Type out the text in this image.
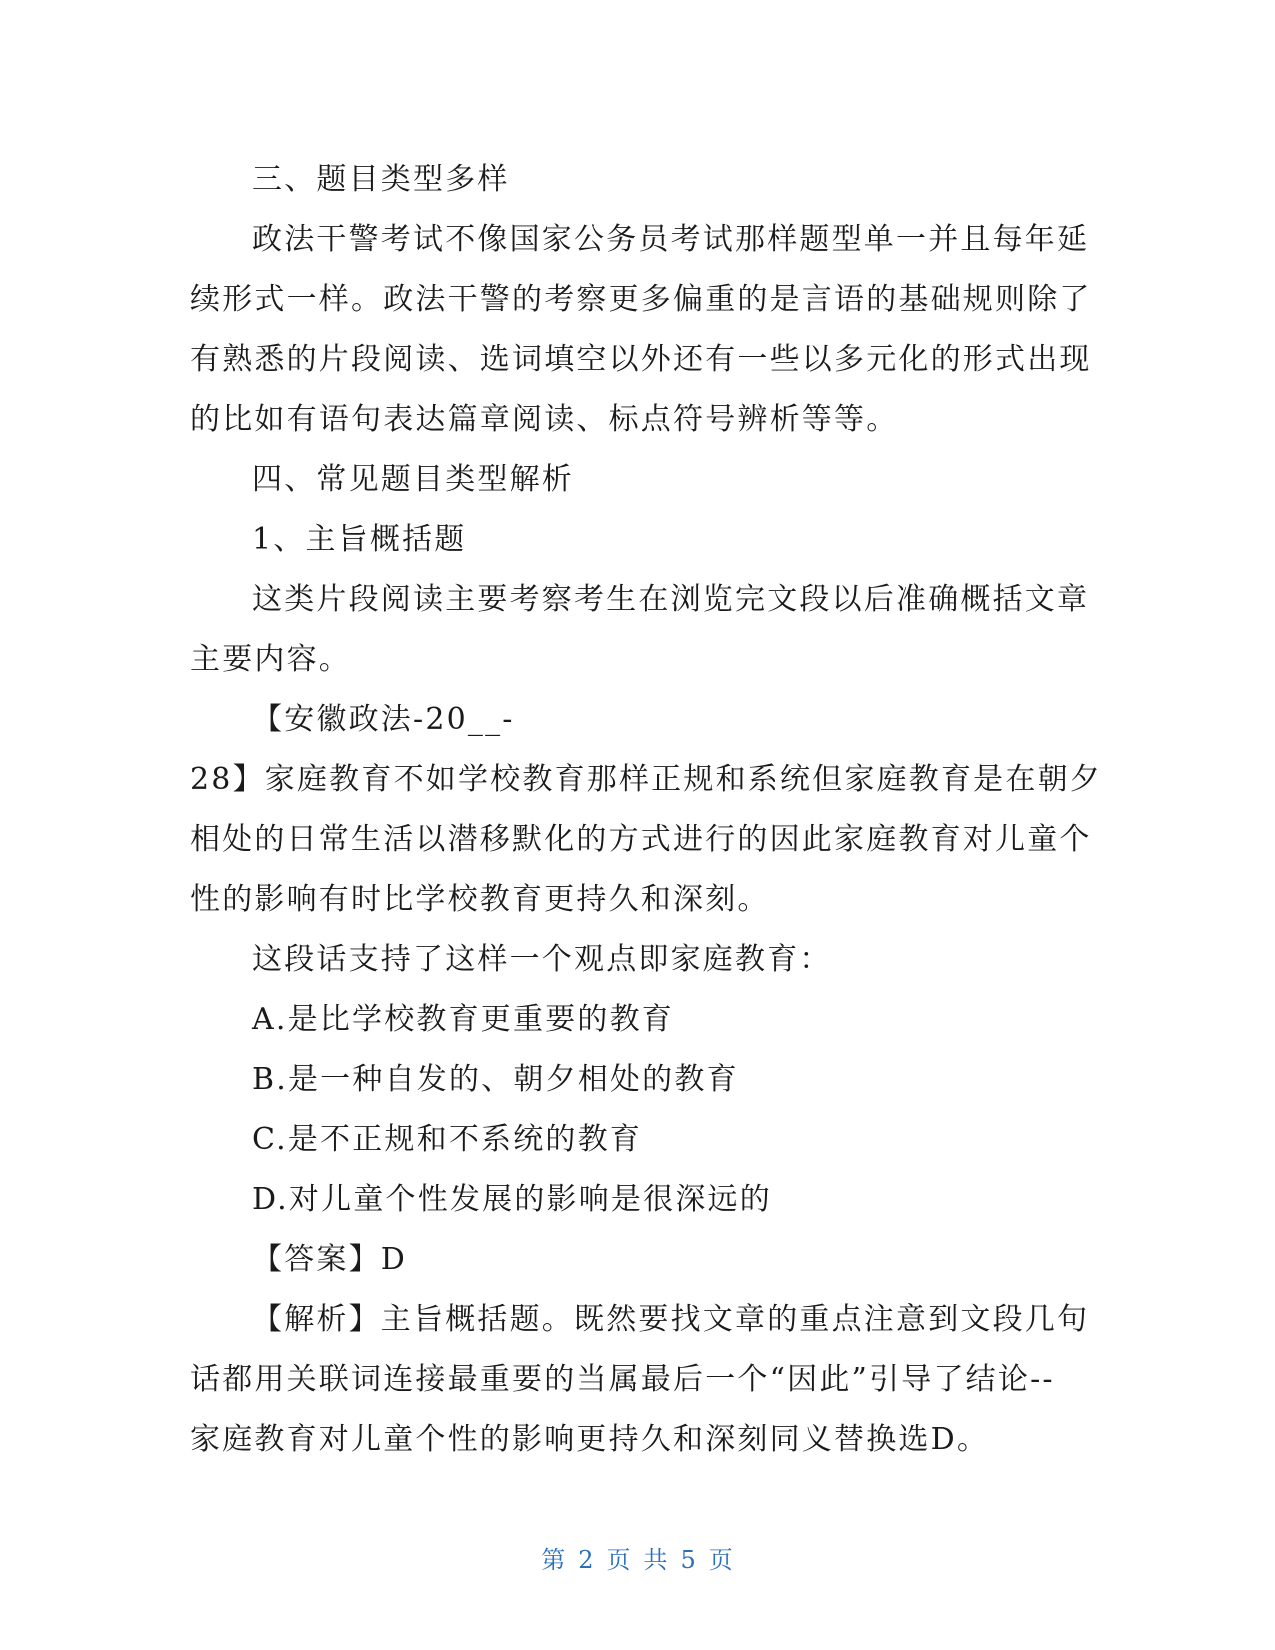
三、题目类型多样

政法干警考试不像国家公务员考试那样题型单一并且每年延

续形式一样。政法干警的考察更多偏重的是言语的基础规则除了

有熟悉的片段阅读、选词填空以外还有一些以多元化的形式出现

的比如有语句表达篇章阅读、标点符号辨析等等。

四、常见题目类型解析

1、主旨概括题

这类片段阅读主要考察考生在浏览完文段以后准确概括文章

主要内容。

【安徽政法-20__-

28】家庭教育不如学校教育那样正规和系统但家庭教育是在朝夕

相处的日常生活以潜移默化的方式进行的因此家庭教育对儿童个

性的影响有时比学校教育更持久和深刻。

这段话支持了这样一个观点即家庭教育：

A.是比学校教育更重要的教育

B.是一种自发的、朝夕相处的教育

C.是不正规和不系统的教育

D.对儿童个性发展的影响是很深远的

【答案】D

【解析】主旨概括题。既然要找文章的重点注意到文段几句

话都用关联词连接最重要的当属最后一个“因此”引导了结论--

家庭教育对儿童个性的影响更持久和深刻同义替换选D。

第 2 页 共 5 页
